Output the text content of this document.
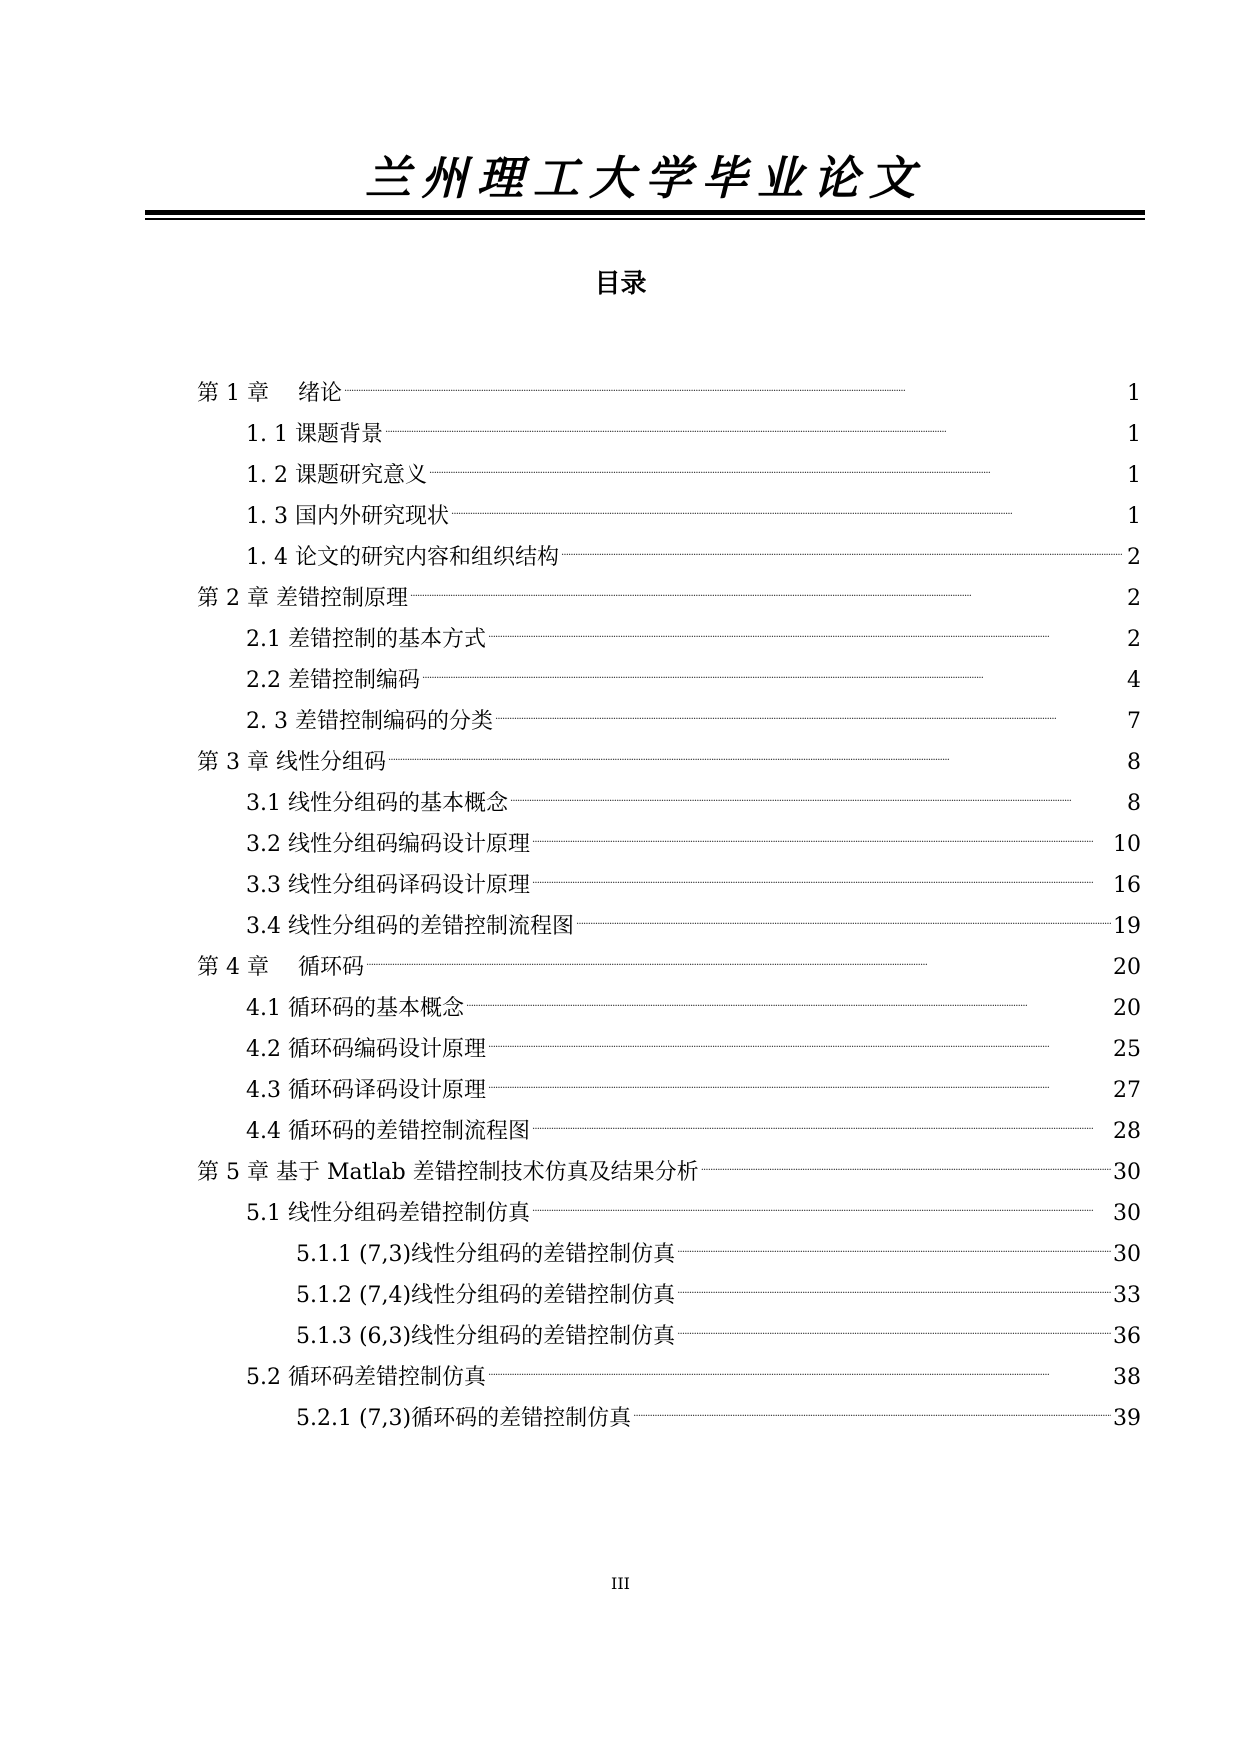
兰州理工大学毕业论文
目录
第 1 章　 绪论 . . .	1
1. 1 课题背景 . . .	1
1. 2 课题研究意义 . . .	1
1. 3 国内外研究现状 . . .	1
1. 4 论文的研究内容和组织结构 . . .	2
第 2 章 差错控制原理 . . .	2
2.1 差错控制的基本方式 . . .	2
2.2 差错控制编码 . . .	4
2. 3 差错控制编码的分类 . . .	7
第 3 章 线性分组码 . . .	8
3.1 线性分组码的基本概念 . . .	8
3.2 线性分组码编码设计原理 . . .	10
3.3 线性分组码译码设计原理 . . .	16
3.4 线性分组码的差错控制流程图 . . .	19
第 4 章　 循环码 . . .	20
4.1 循环码的基本概念 . . .	20
4.2 循环码编码设计原理 . . .	25
4.3 循环码译码设计原理 . . .	27
4.4 循环码的差错控制流程图 . . .	28
第 5 章 基于 Matlab 差错控制技术仿真及结果分析 . . .	30
5.1 线性分组码差错控制仿真 . . .	30
5.1.1 (7,3)线性分组码的差错控制仿真 . . .	30
5.1.2 (7,4)线性分组码的差错控制仿真 . . .	33
5.1.3 (6,3)线性分组码的差错控制仿真 . . .	36
5.2 循环码差错控制仿真 . . .	38
5.2.1 (7,3)循环码的差错控制仿真 . . .	39
III
